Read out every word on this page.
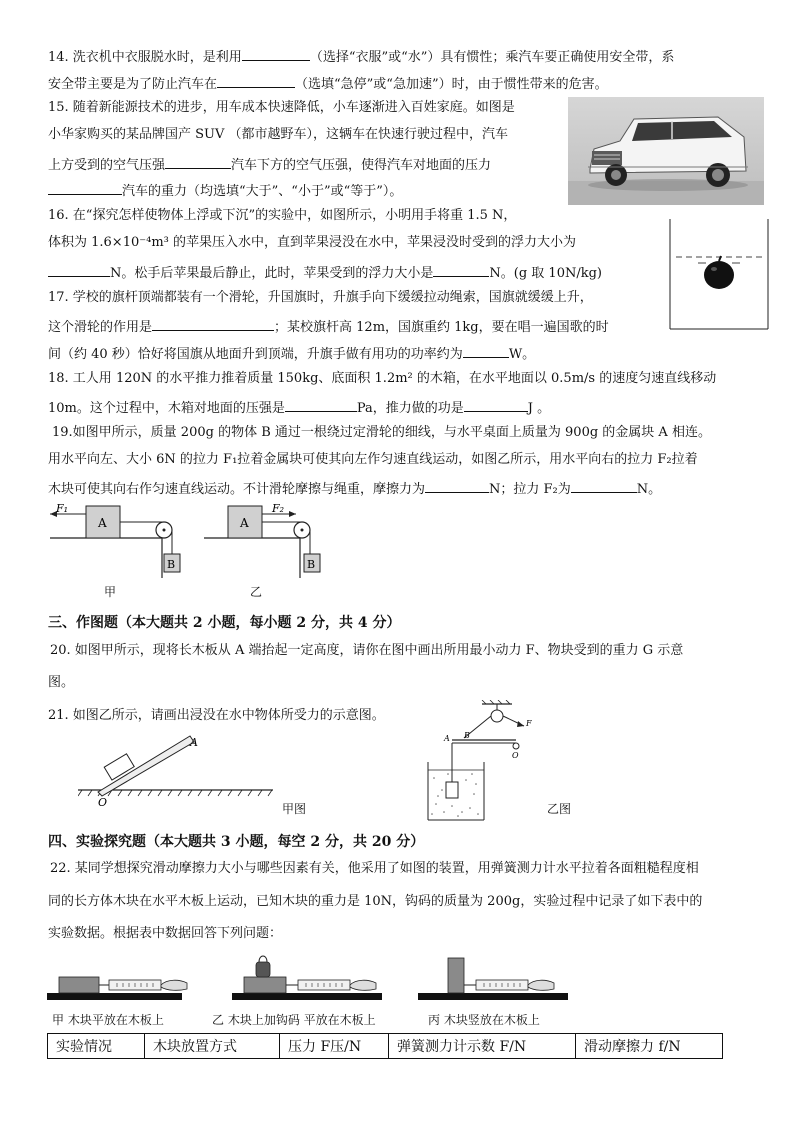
14. 洗衣机中衣服脱水时，是利用	（选择“衣服”或“水”）具有惯性；乘汽车要正确使用安全带，系
安全带主要是为了防止汽车在	（选填“急停”或“急加速”）时，由于惯性带来的危害。
15. 随着新能源技术的进步，用车成本快速降低，小车逐渐进入百姓家庭。如图是
小华家购买的某品牌国产 SUV （都市越野车），这辆车在快速行驶过程中，汽车
上方受到的空气压强	汽车下方的空气压强，使得汽车对地面的压力
汽车的重力（均选填“大于”、“小于”或“等于”）。
16. 在“探究怎样使物体上浮或下沉”的实验中，如图所示，小明用手将重 1.5 N，
体积为 1.6×10⁻⁴m³ 的苹果压入水中，直到苹果浸没在水中，苹果浸没时受到的浮力大小为
N。松手后苹果最后静止，此时，苹果受到的浮力大小是	N。(g 取 10N/kg)
17. 学校的旗杆顶端都装有一个滑轮，升国旗时，升旗手向下缓缓拉动绳索，国旗就缓缓上升，
这个滑轮的作用是	；某校旗杆高 12m，国旗重约 1kg，要在唱一遍国歌的时
间（约 40 秒）恰好将国旗从地面升到顶端，升旗手做有用功的功率约为	W。
18. 工人用 120N 的水平推力推着质量 150kg、底面积 1.2m² 的木箱，在水平地面以 0.5m/s 的速度匀速直线移动
10m。这个过程中，木箱对地面的压强是	Pa，推力做的功是	J 。
19.如图甲所示，质量 200g 的物体 B 通过一根绕过定滑轮的细线，与水平桌面上质量为 900g 的金属块 A 相连。
用水平向左、大小 6N 的拉力 F₁拉着金属块可使其向左作匀速直线运动，如图乙所示，用水平向右的拉力 F₂拉着
木块可使其向右作匀速直线运动。不计滑轮摩擦与绳重，摩擦力为	N；拉力 F₂为	N。
F₁
A
B
甲
A
F₂
B
乙
三、作图题（本大题共 2 小题，每小题 2 分，共 4 分）
20. 如图甲所示，现将长木板从 A 端抬起一定高度，请你在图中画出所用最小动力 F、物块受到的重力 G 示意
图。
21. 如图乙所示，请画出浸没在水中物体所受力的示意图。
O
A
甲图
F
A B
O
乙图
四、实验探究题（本大题共 3 小题，每空 2 分，共 20 分）
22. 某同学想探究滑动摩擦力大小与哪些因素有关，他采用了如图的装置，用弹簧测力计水平拉着各面粗糙程度相
同的长方体木块在水平木板上运动，已知木块的重力是 10N，钩码的质量为 200g，实验过程中记录了如下表中的
实验数据。根据表中数据回答下列问题：
甲 木块平放在木板上	乙 木块上加钩码 平放在木板上	丙 木块竖放在木板上
实验情况	木块放置方式	压力 F压/N	弹簧测力计示数 F/N	滑动摩擦力 f/N
